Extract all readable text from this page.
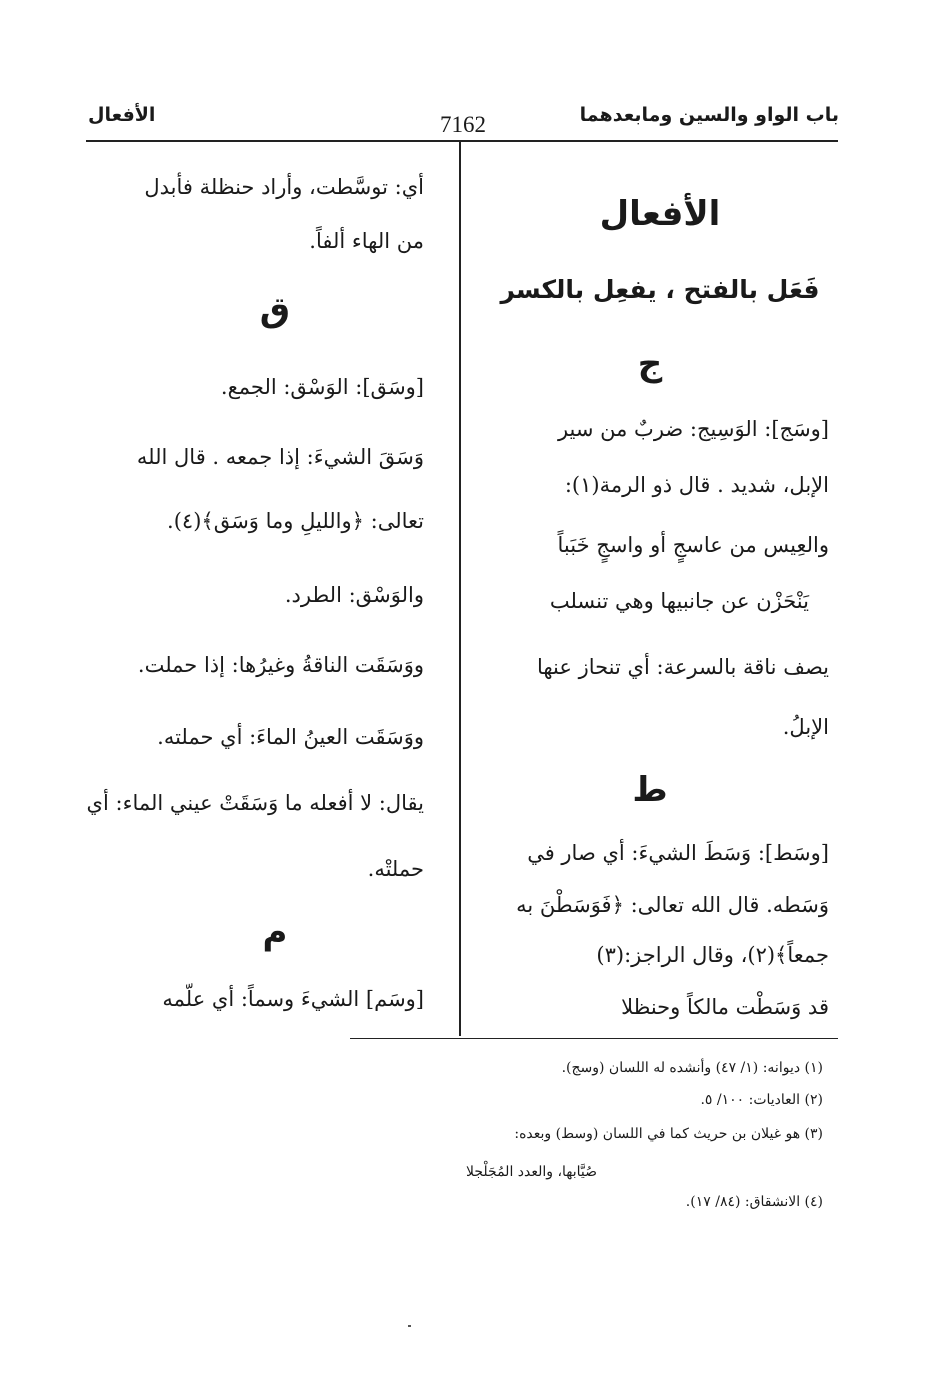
باب الواو والسين ومابعدهما
7162
الأفعال
الأفعال
فَعَل بالفتح ، يفعِل بالكسر
ج
[وسَج]: الوَسِيج: ضربٌ من سير
الإبل، شديد . قال ذو الرمة(١):
والعِيس من عاسجٍ أو واسجٍ خَبَباً
يَنْحَزْن عن جانبيها وهي تنسلب
يصف ناقة بالسرعة: أي تنحاز عنها
الإبلُ.
ط
[وسَط]: وَسَطَ الشيءَ: أي صار في
وَسَطه. قال الله تعالى: ﴿فَوَسَطْنَ به
جمعاً﴾(٢)، وقال الراجز:(٣)
قد وَسَطْت مالكاً وحنظلا
أي: توسَّطت، وأراد حنظلة فأبدل
من الهاء ألفاً.
ق
[وسَق]: الوَسْق: الجمع.
وَسَقَ الشيءَ: إذا جمعه . قال الله
تعالى: ﴿والليلِ وما وَسَق﴾(٤).
والوَسْق: الطرد.
ووَسَقَت الناقةُ وغيرُها: إذا حملت.
ووَسَقَت العينُ الماءَ: أي حملته.
يقال: لا أفعله ما وَسَقَتْ عيني الماء: أي
حملتْه.
م
[وسَم] الشيءَ وسماً: أي علّمه
(١) ديوانه: (١/ ٤٧) وأنشده له اللسان (وسج).
(٢) العاديات: ١٠٠/ ٥.
(٣) هو غيلان بن حريث كما في اللسان (وسط) وبعده:
صُيَّابها، والعدد المُجَلْجلا
(٤) الانشقاق: (٨٤/ ١٧).
